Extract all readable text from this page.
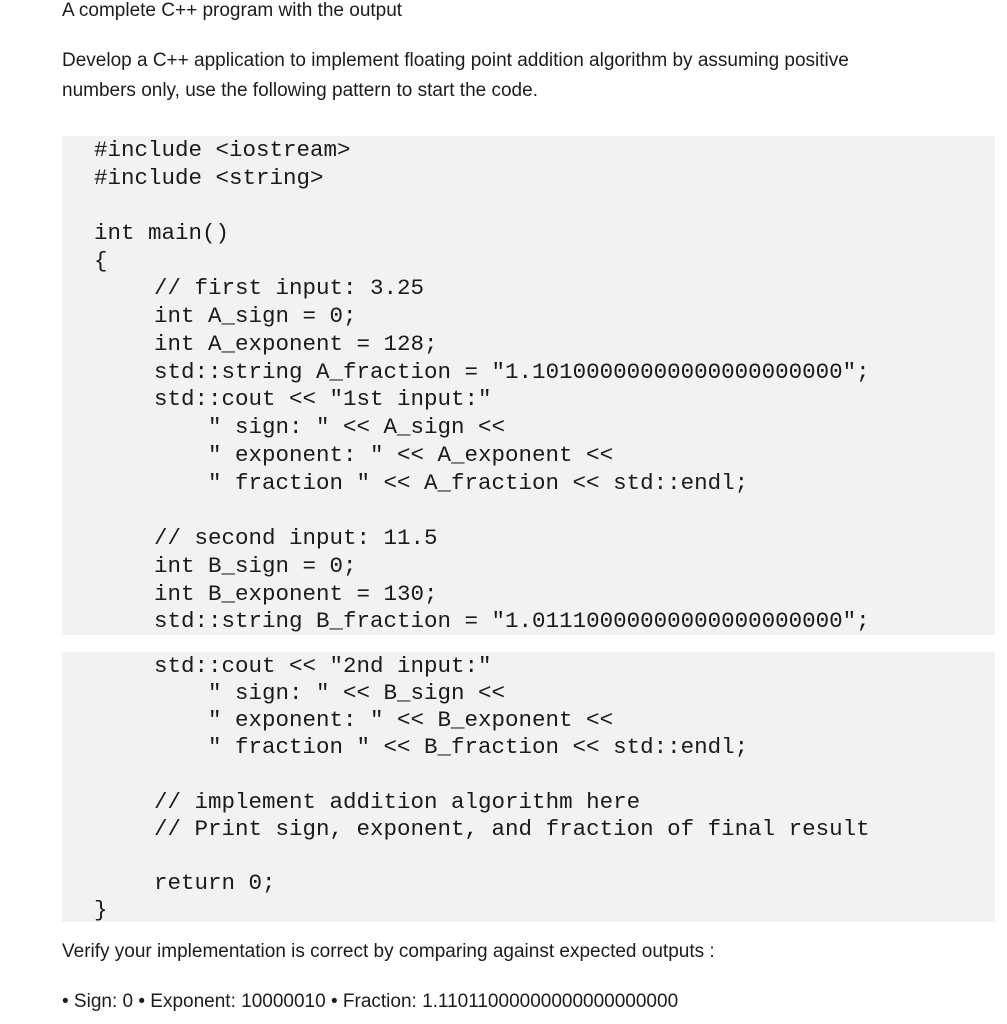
A complete C++ program with the output

Develop a C++ application to implement floating point addition algorithm by assuming positive

numbers only, use the following pattern to start the code.

#include <iostream>
#include <string>
int main()
{
// first input: 3.25
int A_sign = 0;
int A_exponent = 128;
std::string A_fraction = "1.10100000000000000000000";
std::cout << "1st input:"
" sign: " << A_sign <<
" exponent: " << A_exponent <<
" fraction " << A_fraction << std::endl;
// second input: 11.5
int B_sign = 0;
int B_exponent = 130;
std::string B_fraction = "1.01110000000000000000000";
std::cout << "2nd input:"
" sign: " << B_sign <<
" exponent: " << B_exponent <<
" fraction " << B_fraction << std::endl;
// implement addition algorithm here
// Print sign, exponent, and fraction of final result
return 0;
}

Verify your implementation is correct by comparing against expected outputs :

• Sign: 0 • Exponent: 10000010 • Fraction: 1.11011000000000000000000
